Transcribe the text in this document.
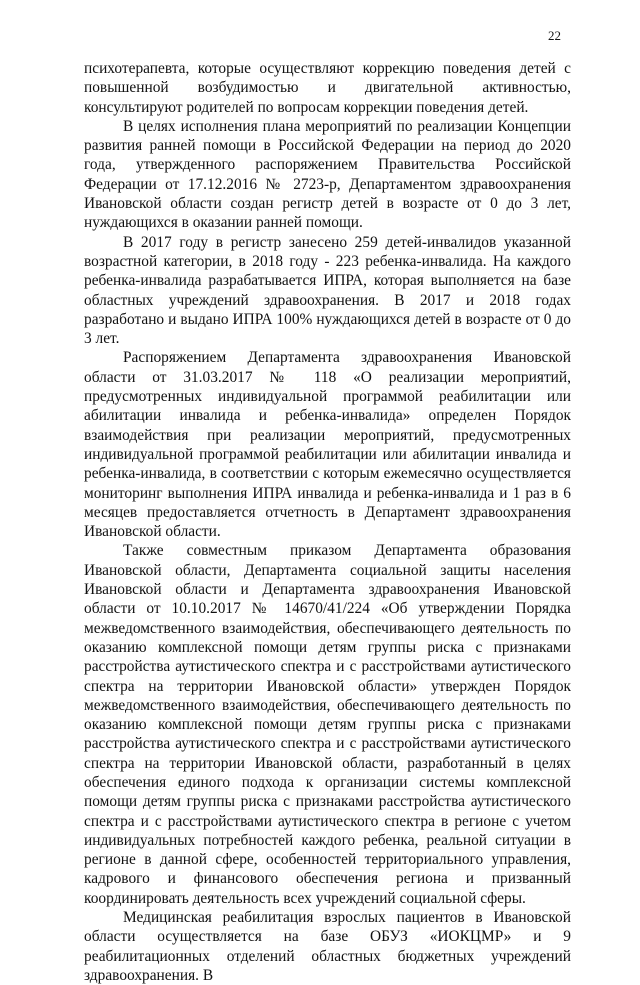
22

психотерапевта, которые осуществляют коррекцию поведения детей с повышенной возбудимостью и двигательной активностью, консультируют родителей по вопросам коррекции поведения детей.

В целях исполнения плана мероприятий по реализации Концепции развития ранней помощи в Российской Федерации на период до 2020 года, утвержденного распоряжением Правительства Российской Федерации от 17.12.2016 № 2723-р, Департаментом здравоохранения Ивановской области создан регистр детей в возрасте от 0 до 3 лет, нуждающихся в оказании ранней помощи.

В 2017 году в регистр занесено 259 детей-инвалидов указанной возрастной категории, в 2018 году - 223 ребенка-инвалида. На каждого ребенка-инвалида разрабатывается ИПРА, которая выполняется на базе областных учреждений здравоохранения. В 2017 и 2018 годах разработано и выдано ИПРА 100% нуждающихся детей в возрасте от 0 до 3 лет.

Распоряжением Департамента здравоохранения Ивановской области от 31.03.2017 № 118 «О реализации мероприятий, предусмотренных индивидуальной программой реабилитации или абилитации инвалида и ребенка-инвалида» определен Порядок взаимодействия при реализации мероприятий, предусмотренных индивидуальной программой реабилитации или абилитации инвалида и ребенка-инвалида, в соответствии с которым ежемесячно осуществляется мониторинг выполнения ИПРА инвалида и ребенка-инвалида и 1 раз в 6 месяцев предоставляется отчетность в Департамент здравоохранения Ивановской области.

Также совместным приказом Департамента образования Ивановской области, Департамента социальной защиты населения Ивановской области и Департамента здравоохранения Ивановской области от 10.10.2017 № 14670/41/224 «Об утверждении Порядка межведомственного взаимодействия, обеспечивающего деятельность по оказанию комплексной помощи детям группы риска с признаками расстройства аутистического спектра и с расстройствами аутистического спектра на территории Ивановской области» утвержден Порядок межведомственного взаимодействия, обеспечивающего деятельность по оказанию комплексной помощи детям группы риска с признаками расстройства аутистического спектра и с расстройствами аутистического спектра на территории Ивановской области, разработанный в целях обеспечения единого подхода к организации системы комплексной помощи детям группы риска с признаками расстройства аутистического спектра и с расстройствами аутистического спектра в регионе с учетом индивидуальных потребностей каждого ребенка, реальной ситуации в регионе в данной сфере, особенностей территориального управления, кадрового и финансового обеспечения региона и призванный координировать деятельность всех учреждений социальной сферы.

Медицинская реабилитация взрослых пациентов в Ивановской области осуществляется на базе ОБУЗ «ИОКЦМР» и 9 реабилитационных отделений областных бюджетных учреждений здравоохранения. В
